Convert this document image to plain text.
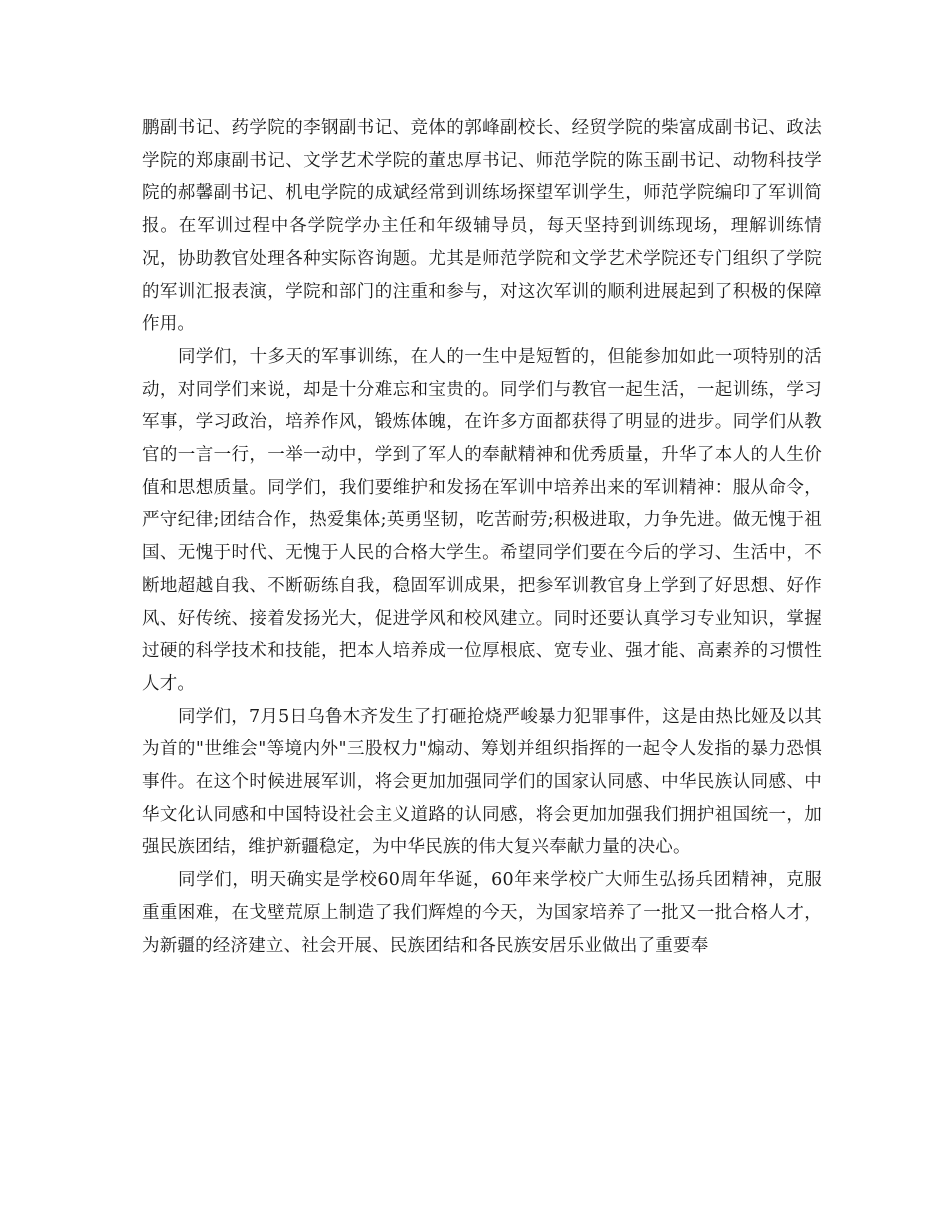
鹏副书记、药学院的李钢副书记、竞体的郭峰副校长、经贸学院的柴富成副书记、政法学院的郑康副书记、文学艺术学院的董忠厚书记、师范学院的陈玉副书记、动物科技学院的郝馨副书记、机电学院的成斌经常到训练场探望军训学生，师范学院编印了军训简报。在军训过程中各学院学办主任和年级辅导员，每天坚持到训练现场，理解训练情况，协助教官处理各种实际咨询题。尤其是师范学院和文学艺术学院还专门组织了学院的军训汇报表演，学院和部门的注重和参与，对这次军训的顺利进展起到了积极的保障作用。

同学们，十多天的军事训练，在人的一生中是短暂的，但能参加如此一项特别的活动，对同学们来说，却是十分难忘和宝贵的。同学们与教官一起生活，一起训练，学习军事，学习政治，培养作风，锻炼体魄，在许多方面都获得了明显的进步。同学们从教官的一言一行，一举一动中，学到了军人的奉献精神和优秀质量，升华了本人的人生价值和思想质量。同学们，我们要维护和发扬在军训中培养出来的军训精神：服从命令，严守纪律;团结合作，热爱集体;英勇坚韧，吃苦耐劳;积极进取，力争先进。做无愧于祖国、无愧于时代、无愧于人民的合格大学生。希望同学们要在今后的学习、生活中，不断地超越自我、不断砺练自我，稳固军训成果，把参军训教官身上学到了好思想、好作风、好传统、接着发扬光大，促进学风和校风建立。同时还要认真学习专业知识，掌握过硬的科学技术和技能，把本人培养成一位厚根底、宽专业、强才能、高素养的习惯性人才。

同学们，7月5日乌鲁木齐发生了打砸抢烧严峻暴力犯罪事件，这是由热比娅及以其为首的"世维会"等境内外"三股权力"煽动、筹划并组织指挥的一起令人发指的暴力恐惧事件。在这个时候进展军训，将会更加加强同学们的国家认同感、中华民族认同感、中华文化认同感和中国特设社会主义道路的认同感，将会更加加强我们拥护祖国统一，加强民族团结，维护新疆稳定，为中华民族的伟大复兴奉献力量的决心。

同学们，明天确实是学校60周年华诞，60年来学校广大师生弘扬兵团精神，克服重重困难，在戈壁荒原上制造了我们辉煌的今天，为国家培养了一批又一批合格人才，为新疆的经济建立、社会开展、民族团结和各民族安居乐业做出了重要奉
